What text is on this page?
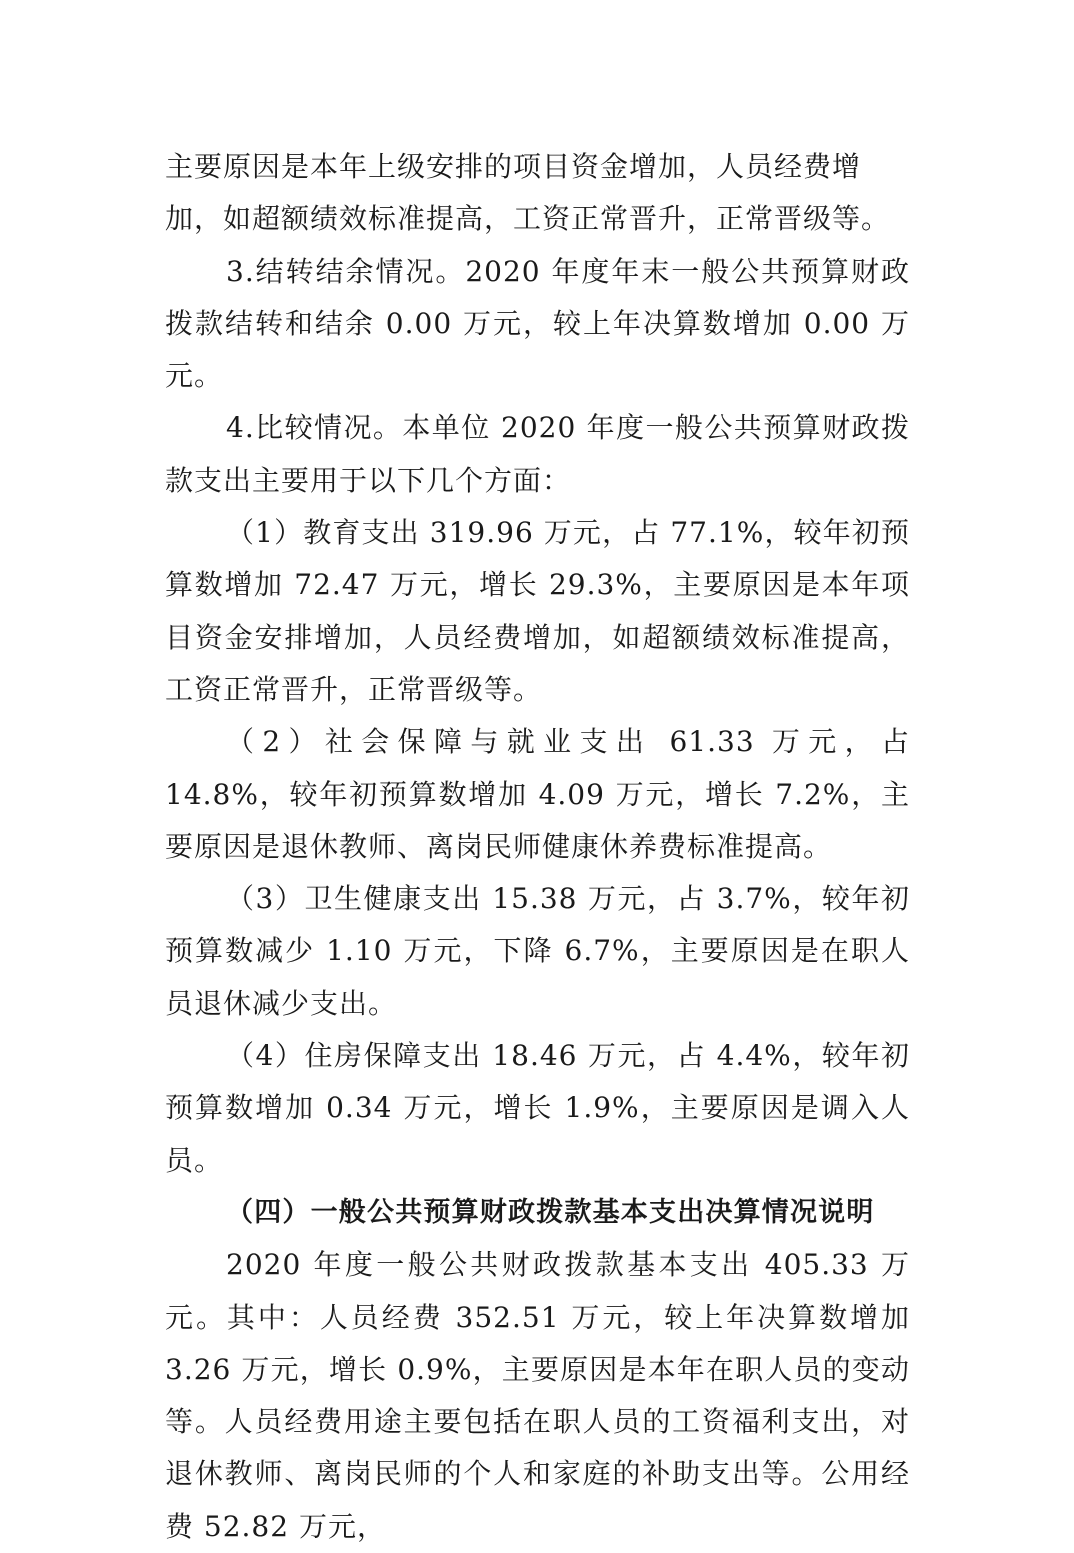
主要原因是本年上级安排的项目资金增加，人员经费增

加，如超额绩效标准提高，工资正常晋升，正常晋级等。

3.结转结余情况。2020 年度年末一般公共预算财政拨款结转和结余 0.00 万元，较上年决算数增加 0.00 万元。

4.比较情况。本单位 2020 年度一般公共预算财政拨款支出主要用于以下几个方面：

（1）教育支出 319.96 万元，占 77.1%，较年初预算数增加 72.47 万元，增长 29.3%，主要原因是本年项目资金安排增加，人员经费增加，如超额绩效标准提高，工资正常晋升，正常晋级等。

（2）社会保障与就业支出 61.33 万元，占 14.8%，较年初预算数增加 4.09 万元，增长 7.2%，主要原因是退休教师、离岗民师健康休养费标准提高。

（3）卫生健康支出 15.38 万元，占 3.7%，较年初预算数减少 1.10 万元，下降 6.7%，主要原因是在职人员退休减少支出。

（4）住房保障支出 18.46 万元，占 4.4%，较年初预算数增加 0.34 万元，增长 1.9%，主要原因是调入人员。

（四）一般公共预算财政拨款基本支出决算情况说明

2020 年度一般公共财政拨款基本支出 405.33 万元。其中：人员经费 352.51 万元，较上年决算数增加 3.26 万元，增长 0.9%，主要原因是本年在职人员的变动等。人员经费用途主要包括在职人员的工资福利支出，对退休教师、离岗民师的个人和家庭的补助支出等。公用经费 52.82 万元，
